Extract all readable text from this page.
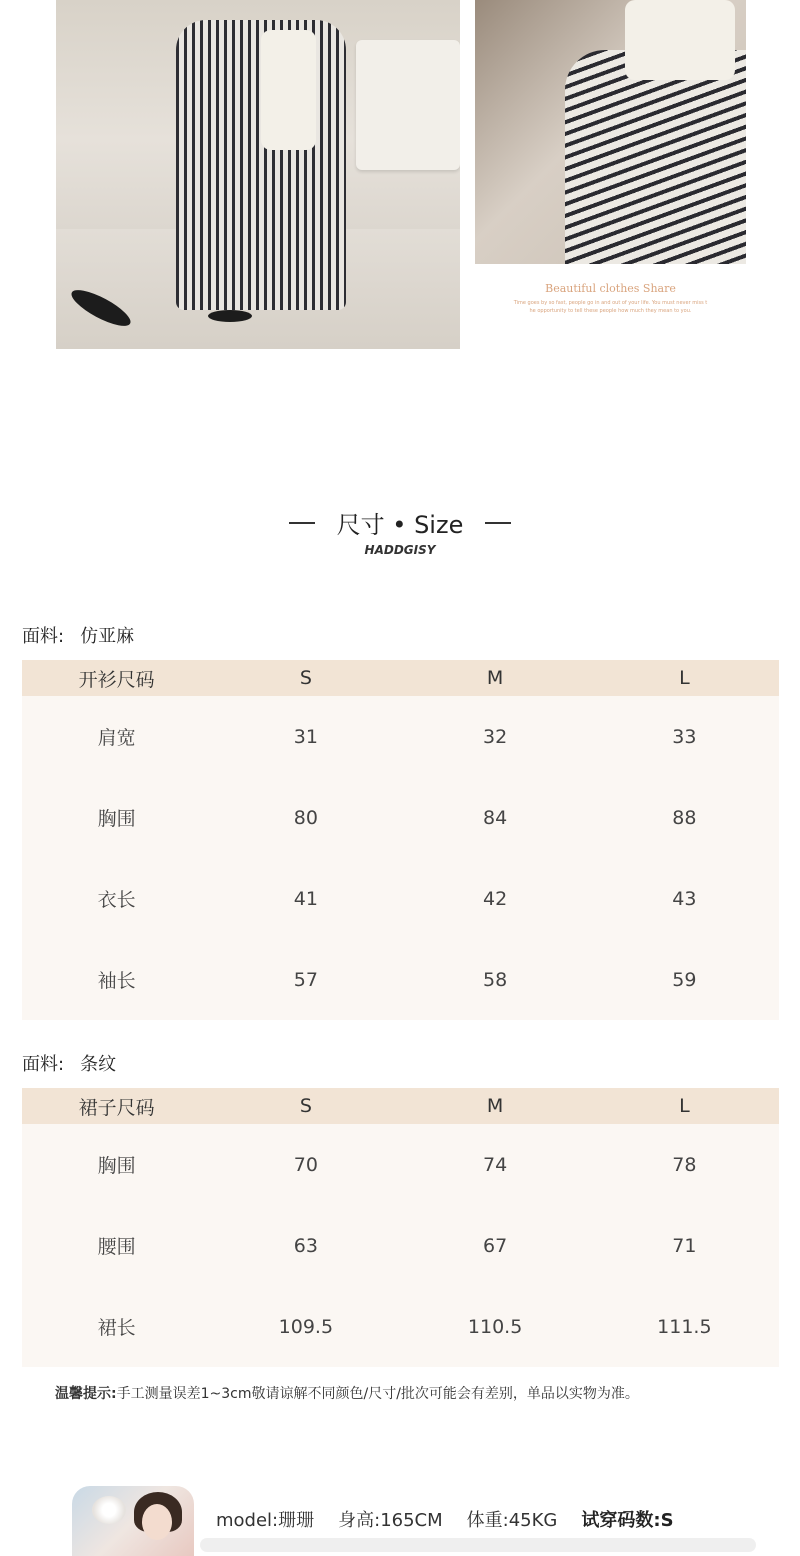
Beautiful clothes Share
Time goes by so fast, people go in and out of your life. You must never miss t
he opportunity to tell these people how much they mean to you.
尺寸 • Size
HADDGISY
面料: 仿亚麻
开衫尺码	S	M	L
肩宽	31	32	33
胸围	80	84	88
衣长	41	42	43
袖长	57	58	59
面料: 条纹
裙子尺码	S	M	L
胸围	70	74	78
腰围	63	67	71
裙长	109.5	110.5	111.5
温馨提示:手工测量误差1~3cm敬请谅解不同颜色/尺寸/批次可能会有差别，单品以实物为准。
model:珊珊 身高:165CM 体重:45KG 试穿码数:S
